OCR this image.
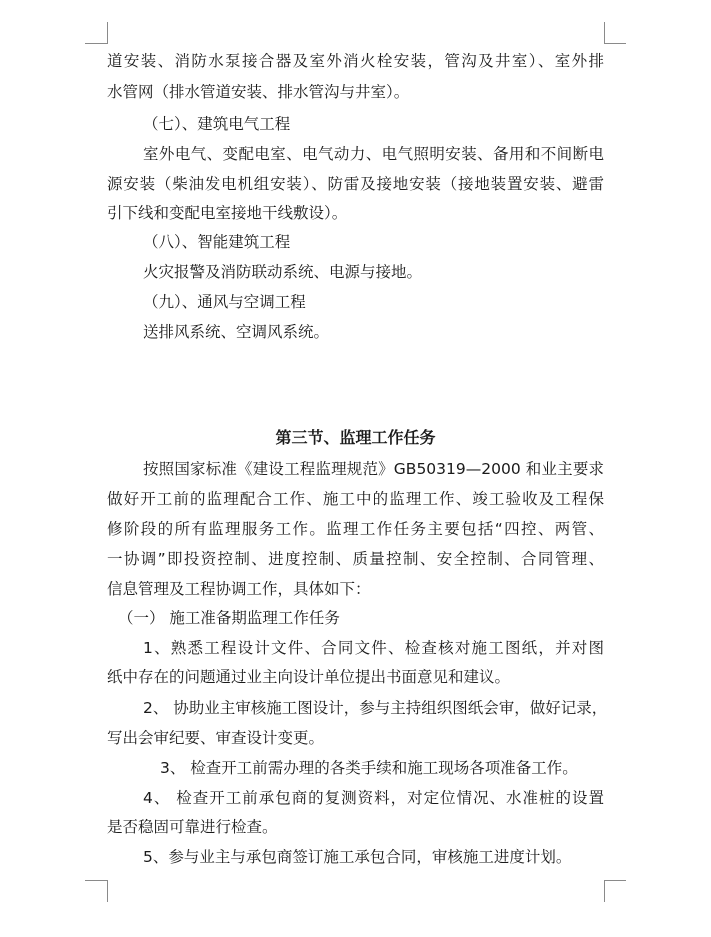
道安装、消防水泵接合器及室外消火栓安装，管沟及井室）、室外排
水管网（排水管道安装、排水管沟与井室）。
（七）、建筑电气工程
室外电气、变配电室、电气动力、电气照明安装、备用和不间断电
源安装（柴油发电机组安装）、防雷及接地安装（接地装置安装、避雷
引下线和变配电室接地干线敷设）。
（八）、智能建筑工程
火灾报警及消防联动系统、电源与接地。
（九）、通风与空调工程
送排风系统、空调风系统。
第三节、监理工作任务
按照国家标准《建设工程监理规范》GB50319—2000 和业主要求
做好开工前的监理配合工作、施工中的监理工作、竣工验收及工程保
修阶段的所有监理服务工作。监理工作任务主要包括“四控、两管、
一协调”即投资控制、进度控制、质量控制、安全控制、合同管理、
信息管理及工程协调工作，具体如下：
（一） 施工准备期监理工作任务
1、熟悉工程设计文件、合同文件、检查核对施工图纸，并对图
纸中存在的问题通过业主向设计单位提出书面意见和建议。
2、 协助业主审核施工图设计，参与主持组织图纸会审，做好记录，
写出会审纪要、审查设计变更。
3、 检查开工前需办理的各类手续和施工现场各项准备工作。
4、 检查开工前承包商的复测资料，对定位情况、水准桩的设置
是否稳固可靠进行检查。
5、参与业主与承包商签订施工承包合同，审核施工进度计划。
